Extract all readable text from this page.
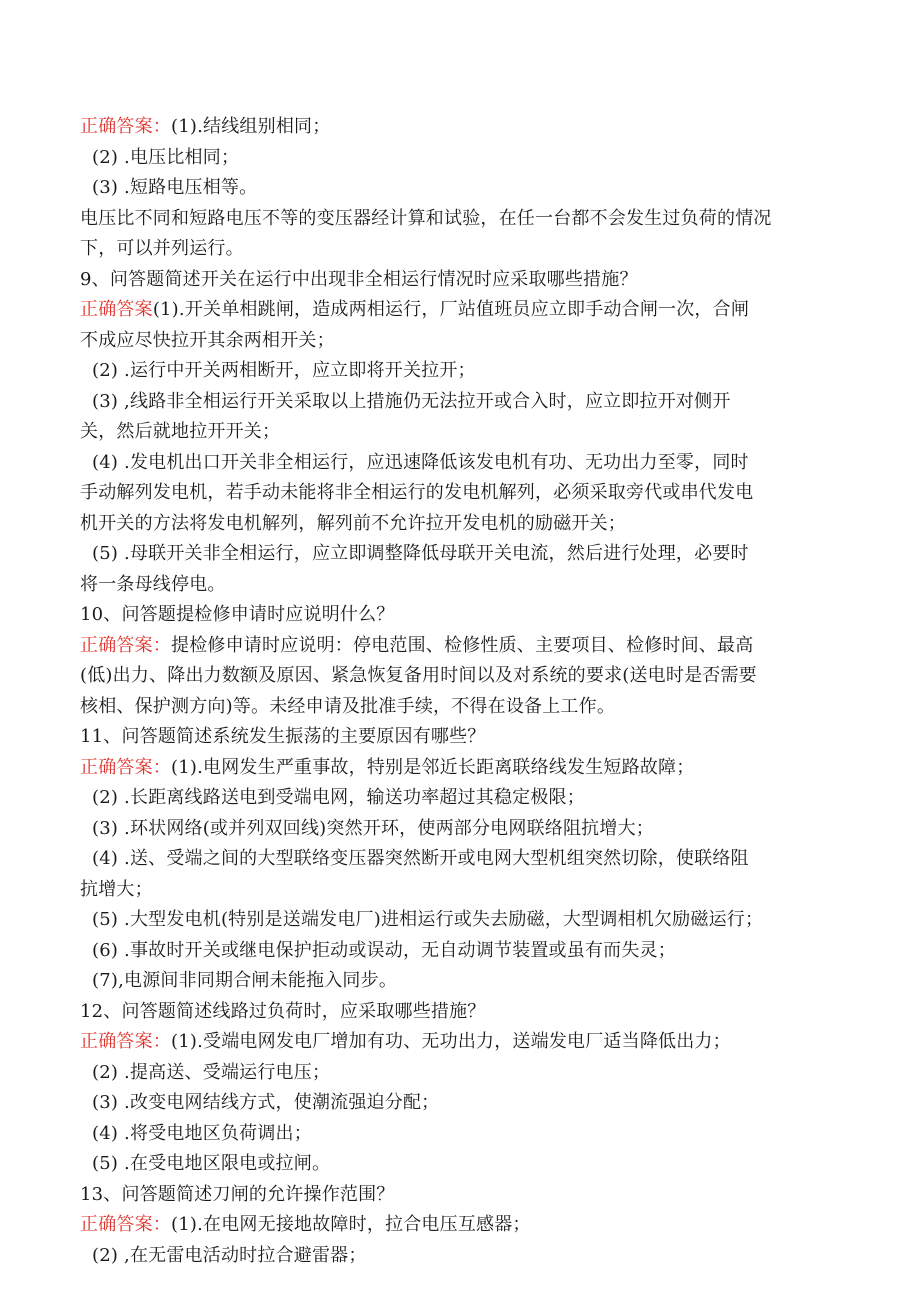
正确答案：(1).结线组别相同；
(2) .电压比相同；
(3) .短路电压相等。
电压比不同和短路电压不等的变压器经计算和试验，在任一台都不会发生过负荷的情况
下，可以并列运行。
9、问答题简述开关在运行中出现非全相运行情况时应采取哪些措施？
正确答案(1).开关单相跳闸，造成两相运行，厂站值班员应立即手动合闸一次，合闸
不成应尽快拉开其余两相开关；
(2) .运行中开关两相断开，应立即将开关拉开；
(3) ,线路非全相运行开关采取以上措施仍无法拉开或合入时，应立即拉开对侧开
关，然后就地拉开开关；
(4) .发电机出口开关非全相运行，应迅速降低该发电机有功、无功出力至零，同时
手动解列发电机，若手动未能将非全相运行的发电机解列，必须采取旁代或串代发电
机开关的方法将发电机解列，解列前不允许拉开发电机的励磁开关；
(5) .母联开关非全相运行，应立即调整降低母联开关电流，然后进行处理，必要时
将一条母线停电。
10、问答题提检修申请时应说明什么？
正确答案：提检修申请时应说明：停电范围、检修性质、主要项目、检修时间、最高
(低)出力、降出力数额及原因、紧急恢复备用时间以及对系统的要求(送电时是否需要
核相、保护测方向)等。未经申请及批准手续，不得在设备上工作。
11、问答题简述系统发生振荡的主要原因有哪些？
正确答案：(1).电网发生严重事故，特别是邻近长距离联络线发生短路故障；
(2) .长距离线路送电到受端电网，输送功率超过其稳定极限；
(3) .环状网络(或并列双回线)突然开环，使两部分电网联络阻抗增大；
(4) .送、受端之间的大型联络变压器突然断开或电网大型机组突然切除，使联络阻
抗增大；
(5) .大型发电机(特别是送端发电厂)进相运行或失去励磁，大型调相机欠励磁运行；
(6) .事故时开关或继电保护拒动或误动，无自动调节装置或虽有而失灵；
(7),电源间非同期合闸未能拖入同步。
12、问答题简述线路过负荷时，应采取哪些措施？
正确答案：(1).受端电网发电厂增加有功、无功出力，送端发电厂适当降低出力；
(2) .提高送、受端运行电压；
(3) .改变电网结线方式，使潮流强迫分配；
(4) .将受电地区负荷调出；
(5) .在受电地区限电或拉闸。
13、问答题简述刀闸的允许操作范围？
正确答案：(1).在电网无接地故障时，拉合电压互感器；
(2) ,在无雷电活动时拉合避雷器；
